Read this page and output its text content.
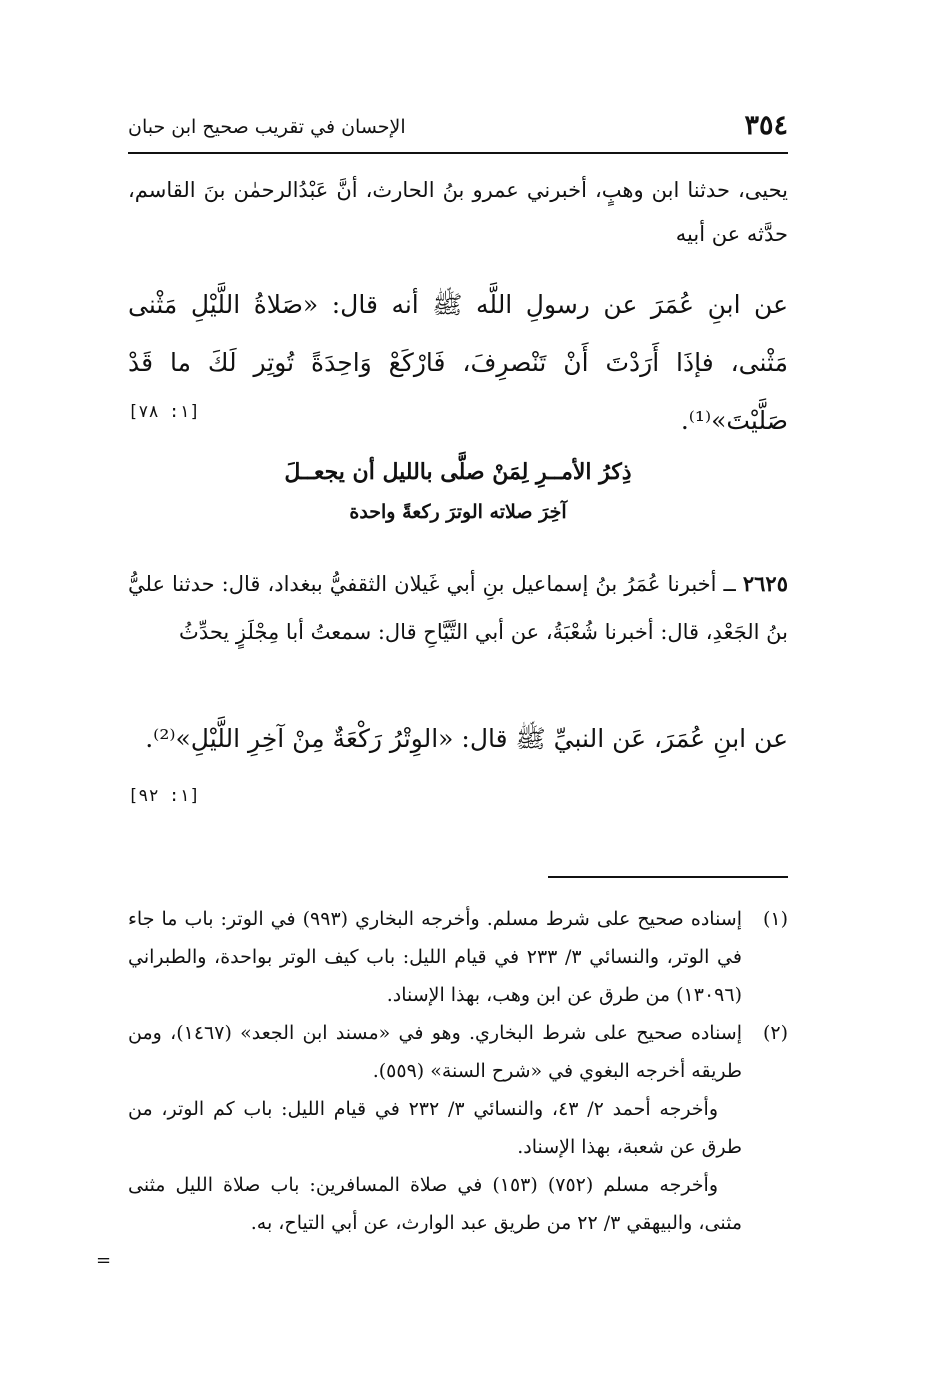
٣٥٤
الإحسان في تقريب صحيح ابن حبان
يحيى، حدثنا ابن وهبٍ، أخبرني عمرو بنُ الحارث، أنَّ عَبْدُالرحمٰن بنَ القاسم، حدَّثه عن أبيه
عن ابنِ عُمَرَ عن رسولِ اللَّه ﷺ أنه قال: «صَلاةُ اللَّيْلِ مَثْنى مَثْنى، فإذَا أَرَدْتَ أَنْ تَنْصرِفَ، فَارْكَعْ وَاحِدَةً تُوتِر لَكَ ما قَدْ صَلَّيْتَ»⁽¹⁾.
[١: ٧٨]
ذِكرُ الأمــرِ لِمَنْ صلَّى بالليل أن يجعــلَ
آخِرَ صلاته الوترَ ركعةً واحدة
٢٦٢٥ ــ أخبرنا عُمَرُ بنُ إسماعيل بنِ أبي غَيلان الثقفيُّ ببغداد، قال: حدثنا عليُّ بنُ الجَعْدِ، قال: أخبرنا شُعْبَةُ، عن أبي التَّيَّاحِ قال: سمعتُ أبا مِجْلَزٍ يحدِّثُ
عن ابنِ عُمَرَ، عَن النبيِّ ﷺ قال: «الوِتْرُ رَكْعَةٌ مِنْ آخِرِ اللَّيْلِ»⁽²⁾.
[١: ٩٢]
(١)
إسناده صحيح على شرط مسلم. وأخرجه البخاري (٩٩٣) في الوتر: باب ما جاء في الوتر، والنسائي ٣/ ٢٣٣ في قيام الليل: باب كيف الوتر بواحدة، والطبراني (١٣٠٩٦) من طرق عن ابن وهب، بهذا الإسناد.
(٢)
إسناده صحيح على شرط البخاري. وهو في «مسند ابن الجعد» (١٤٦٧)، ومن طريقه أخرجه البغوي في «شرح السنة» (٥٥٩).
وأخرجه أحمد ٢/ ٤٣، والنسائي ٣/ ٢٣٢ في قيام الليل: باب كم الوتر، من طرق عن شعبة، بهذا الإسناد.
وأخرجه مسلم (٧٥٢) (١٥٣) في صلاة المسافرين: باب صلاة الليل مثنى مثنى، والبيهقي ٣/ ٢٢ من طريق عبد الوارث، عن أبي التياح، به.
=
